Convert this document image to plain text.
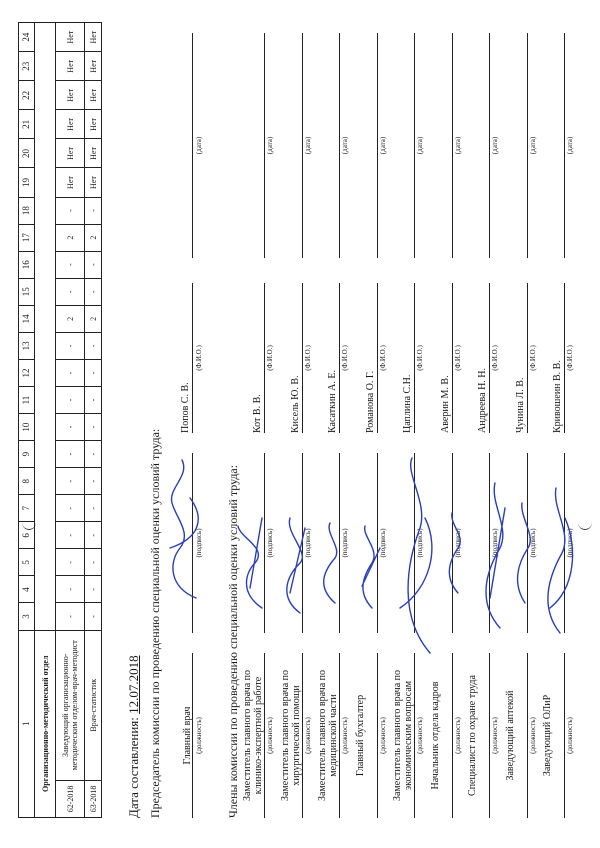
1		3	4	5	6	7	8	9	10	11	12	13	14	15	16	17	18	19	20	21	22	23	24
Организационно-методический отдел																							
62-2018	Заведующий организационно-методическим отделом-врач-методист	-	-	-	-	-	-	-	-	-	-	-	2	-	-	2	-	Нет	Нет	Нет	Нет	Нет	Нет
63-2018	Врач-статистик	-	-	-	-	-	-	-	-	-	-	-	2	-	-	2	-	Нет	Нет	Нет	Нет	Нет	Нет
Дата составления: 12.07.2018 Председатель комиссии по проведению специальной оценки условий труда: Главный врач (должность)
(подпись)
Попов С. В.
(Ф.И.О.)
(дата)
Члены комиссии по проведению специальной оценки условий труда: Заместитель главного врача по клинико-экспертной работе (должность)
(подпись)
Кот В. В.
(Ф.И.О.)
(дата)
Заместитель главного врача по хирургической помощи (должность)
(подпись)
Кисель Ю. В.
(Ф.И.О.)
(дата)
Заместитель главного врача по медицинской части (должность)
(подпись)
Касаткин А. Е.
(Ф.И.О.)
(дата)
Главный бухгалтер (должность)
(подпись)
Романова О. Г.
(Ф.И.О.)
(дата)
Заместитель главного врача по экономическим вопросам (должность)
(подпись)
Цаплина С.Н.
(Ф.И.О.)
(дата)
Начальник отдела кадров (должность)
(подпись)
Аверин М. В.
(Ф.И.О.)
(дата)
Специалист по охране труда (должность)
(подпись)
Андреева Н. Н.
(Ф.И.О.)
(дата)
Заведующий аптекой (должность)
(подпись)
Чунина Л. В.
(Ф.И.О.)
(дата)
Заведующий ОЛиР (должность)
(подпись)
Кривошеин В. В.
(Ф.И.О.)
(дата)
